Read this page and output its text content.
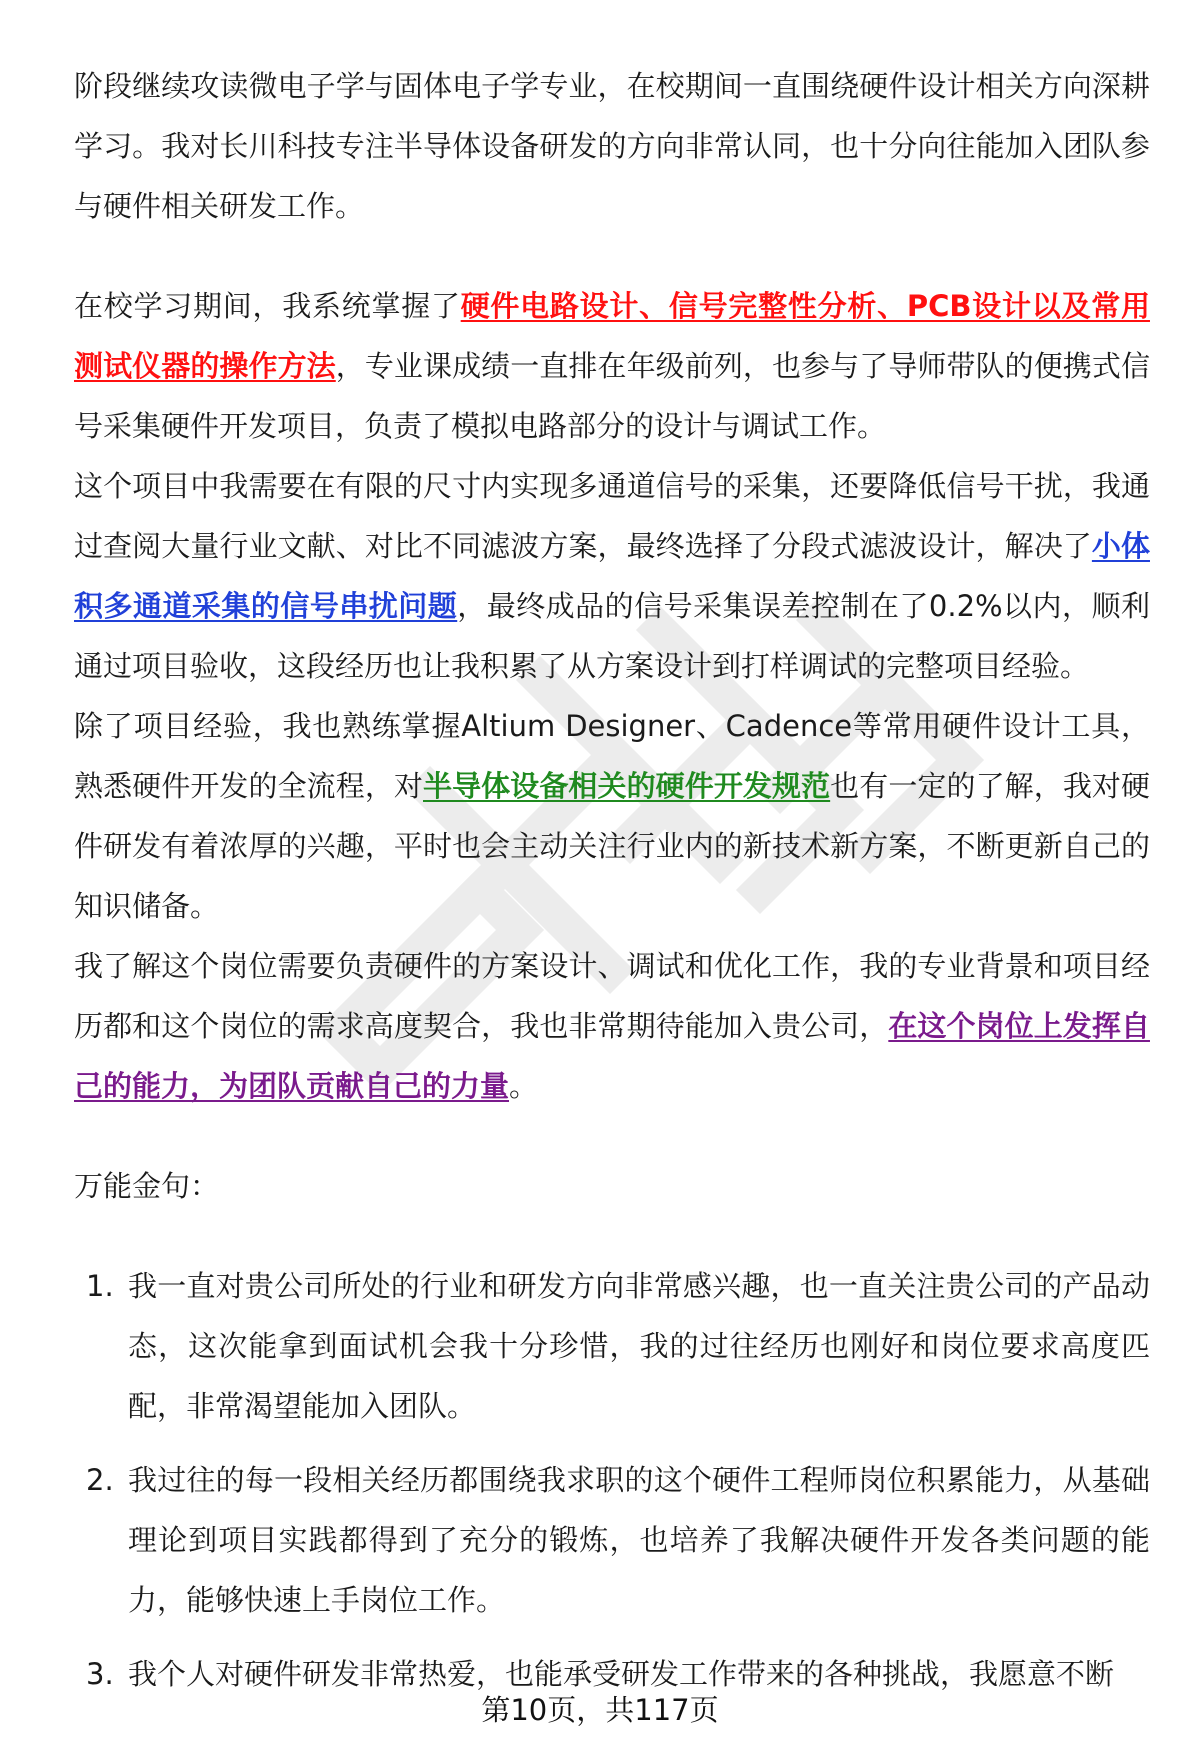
阶段继续攻读微电子学与固体电子学专业，在校期间一直围绕硬件设计相关方向深耕学习。我对长川科技专注半导体设备研发的方向非常认同，也十分向往能加入团队参与硬件相关研发工作。

在校学习期间，我系统掌握了硬件电路设计、信号完整性分析、PCB设计以及常用测试仪器的操作方法，专业课成绩一直排在年级前列，也参与了导师带队的便携式信号采集硬件开发项目，负责了模拟电路部分的设计与调试工作。

这个项目中我需要在有限的尺寸内实现多通道信号的采集，还要降低信号干扰，我通过查阅大量行业文献、对比不同滤波方案，最终选择了分段式滤波设计，解决了小体积多通道采集的信号串扰问题，最终成品的信号采集误差控制在了0.2%以内，顺利通过项目验收，这段经历也让我积累了从方案设计到打样调试的完整项目经验。

除了项目经验，我也熟练掌握Altium Designer、Cadence等常用硬件设计工具，熟悉硬件开发的全流程，对半导体设备相关的硬件开发规范也有一定的了解，我对硬件研发有着浓厚的兴趣，平时也会主动关注行业内的新技术新方案，不断更新自己的知识储备。

我了解这个岗位需要负责硬件的方案设计、调试和优化工作，我的专业背景和项目经历都和这个岗位的需求高度契合，我也非常期待能加入贵公司，在这个岗位上发挥自己的能力，为团队贡献自己的力量。

万能金句：

1. 我一直对贵公司所处的行业和研发方向非常感兴趣，也一直关注贵公司的产品动态，这次能拿到面试机会我十分珍惜，我的过往经历也刚好和岗位要求高度匹配，非常渴望能加入团队。
2. 我过往的每一段相关经历都围绕我求职的这个硬件工程师岗位积累能力，从基础理论到项目实践都得到了充分的锻炼，也培养了我解决硬件开发各类问题的能力，能够快速上手岗位工作。
3. 我个人对硬件研发非常热爱，也能承受研发工作带来的各种挑战，我愿意不断
第10页，共117页
